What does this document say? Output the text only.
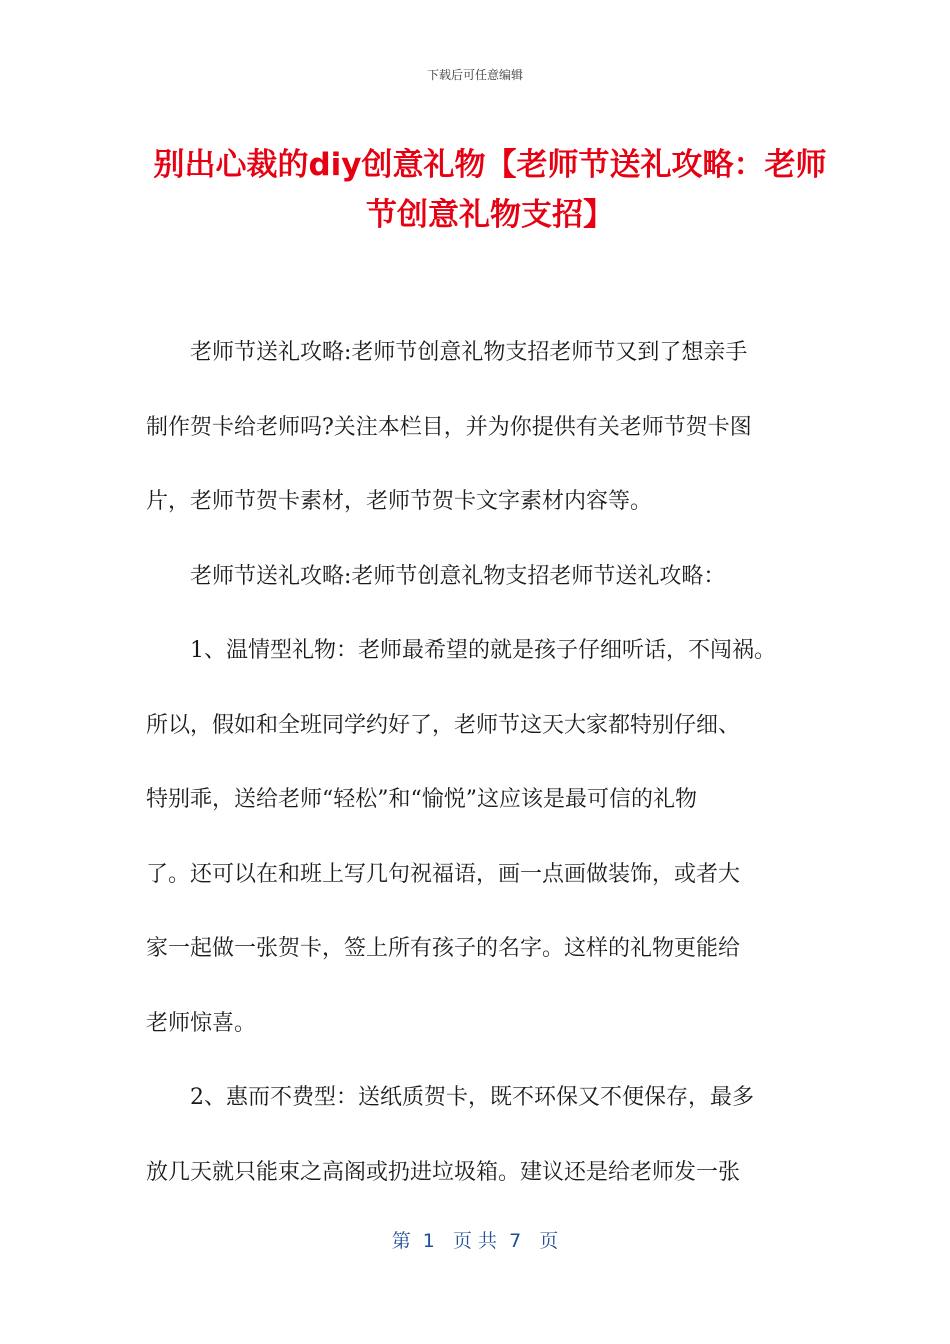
下载后可任意编辑
别出心裁的diy创意礼物【老师节送礼攻略：老师节创意礼物支招】

老师节送礼攻略:老师节创意礼物支招老师节又到了想亲手
制作贺卡给老师吗?关注本栏目，并为你提供有关老师节贺卡图
片，老师节贺卡素材，老师节贺卡文字素材内容等。

老师节送礼攻略:老师节创意礼物支招老师节送礼攻略：

1、温情型礼物：老师最希望的就是孩子仔细听话，不闯祸。
所以，假如和全班同学约好了，老师节这天大家都特别仔细、
特别乖，送给老师“轻松”和“愉悦”这应该是最可信的礼物
了。还可以在和班上写几句祝福语，画一点画做装饰，或者大
家一起做一张贺卡，签上所有孩子的名字。这样的礼物更能给
老师惊喜。

2、惠而不费型：送纸质贺卡，既不环保又不便保存，最多
放几天就只能束之高阁或扔进垃圾箱。建议还是给老师发一张

第  1   页 共  7   页
